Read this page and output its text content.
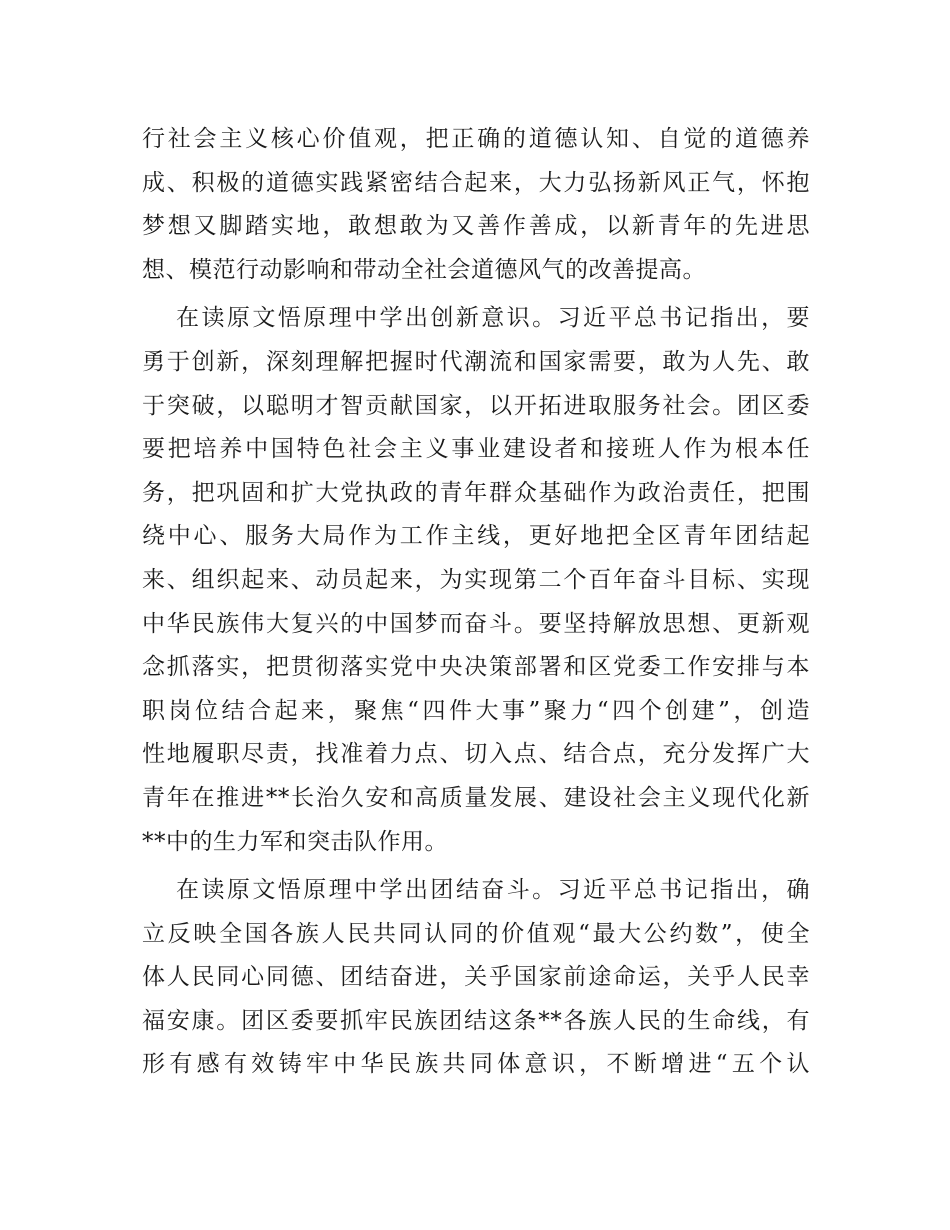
行社会主义核心价值观，把正确的道德认知、自觉的道德养
成、积极的道德实践紧密结合起来，大力弘扬新风正气，怀抱
梦想又脚踏实地，敢想敢为又善作善成，以新青年的先进思
想、模范行动影响和带动全社会道德风气的改善提高。
在读原文悟原理中学出创新意识。习近平总书记指出，要
勇于创新，深刻理解把握时代潮流和国家需要，敢为人先、敢
于突破，以聪明才智贡献国家，以开拓进取服务社会。团区委
要把培养中国特色社会主义事业建设者和接班人作为根本任
务，把巩固和扩大党执政的青年群众基础作为政治责任，把围
绕中心、服务大局作为工作主线，更好地把全区青年团结起
来、组织起来、动员起来，为实现第二个百年奋斗目标、实现
中华民族伟大复兴的中国梦而奋斗。要坚持解放思想、更新观
念抓落实，把贯彻落实党中央决策部署和区党委工作安排与本
职岗位结合起来，聚焦“四件大事”聚力“四个创建”，创造
性地履职尽责，找准着力点、切入点、结合点，充分发挥广大
青年在推进**长治久安和高质量发展、建设社会主义现代化新
**中的生力军和突击队作用。
在读原文悟原理中学出团结奋斗。习近平总书记指出，确
立反映全国各族人民共同认同的价值观“最大公约数”，使全
体人民同心同德、团结奋进，关乎国家前途命运，关乎人民幸
福安康。团区委要抓牢民族团结这条**各族人民的生命线，有
形有感有效铸牢中华民族共同体意识，不断增进“五个认
